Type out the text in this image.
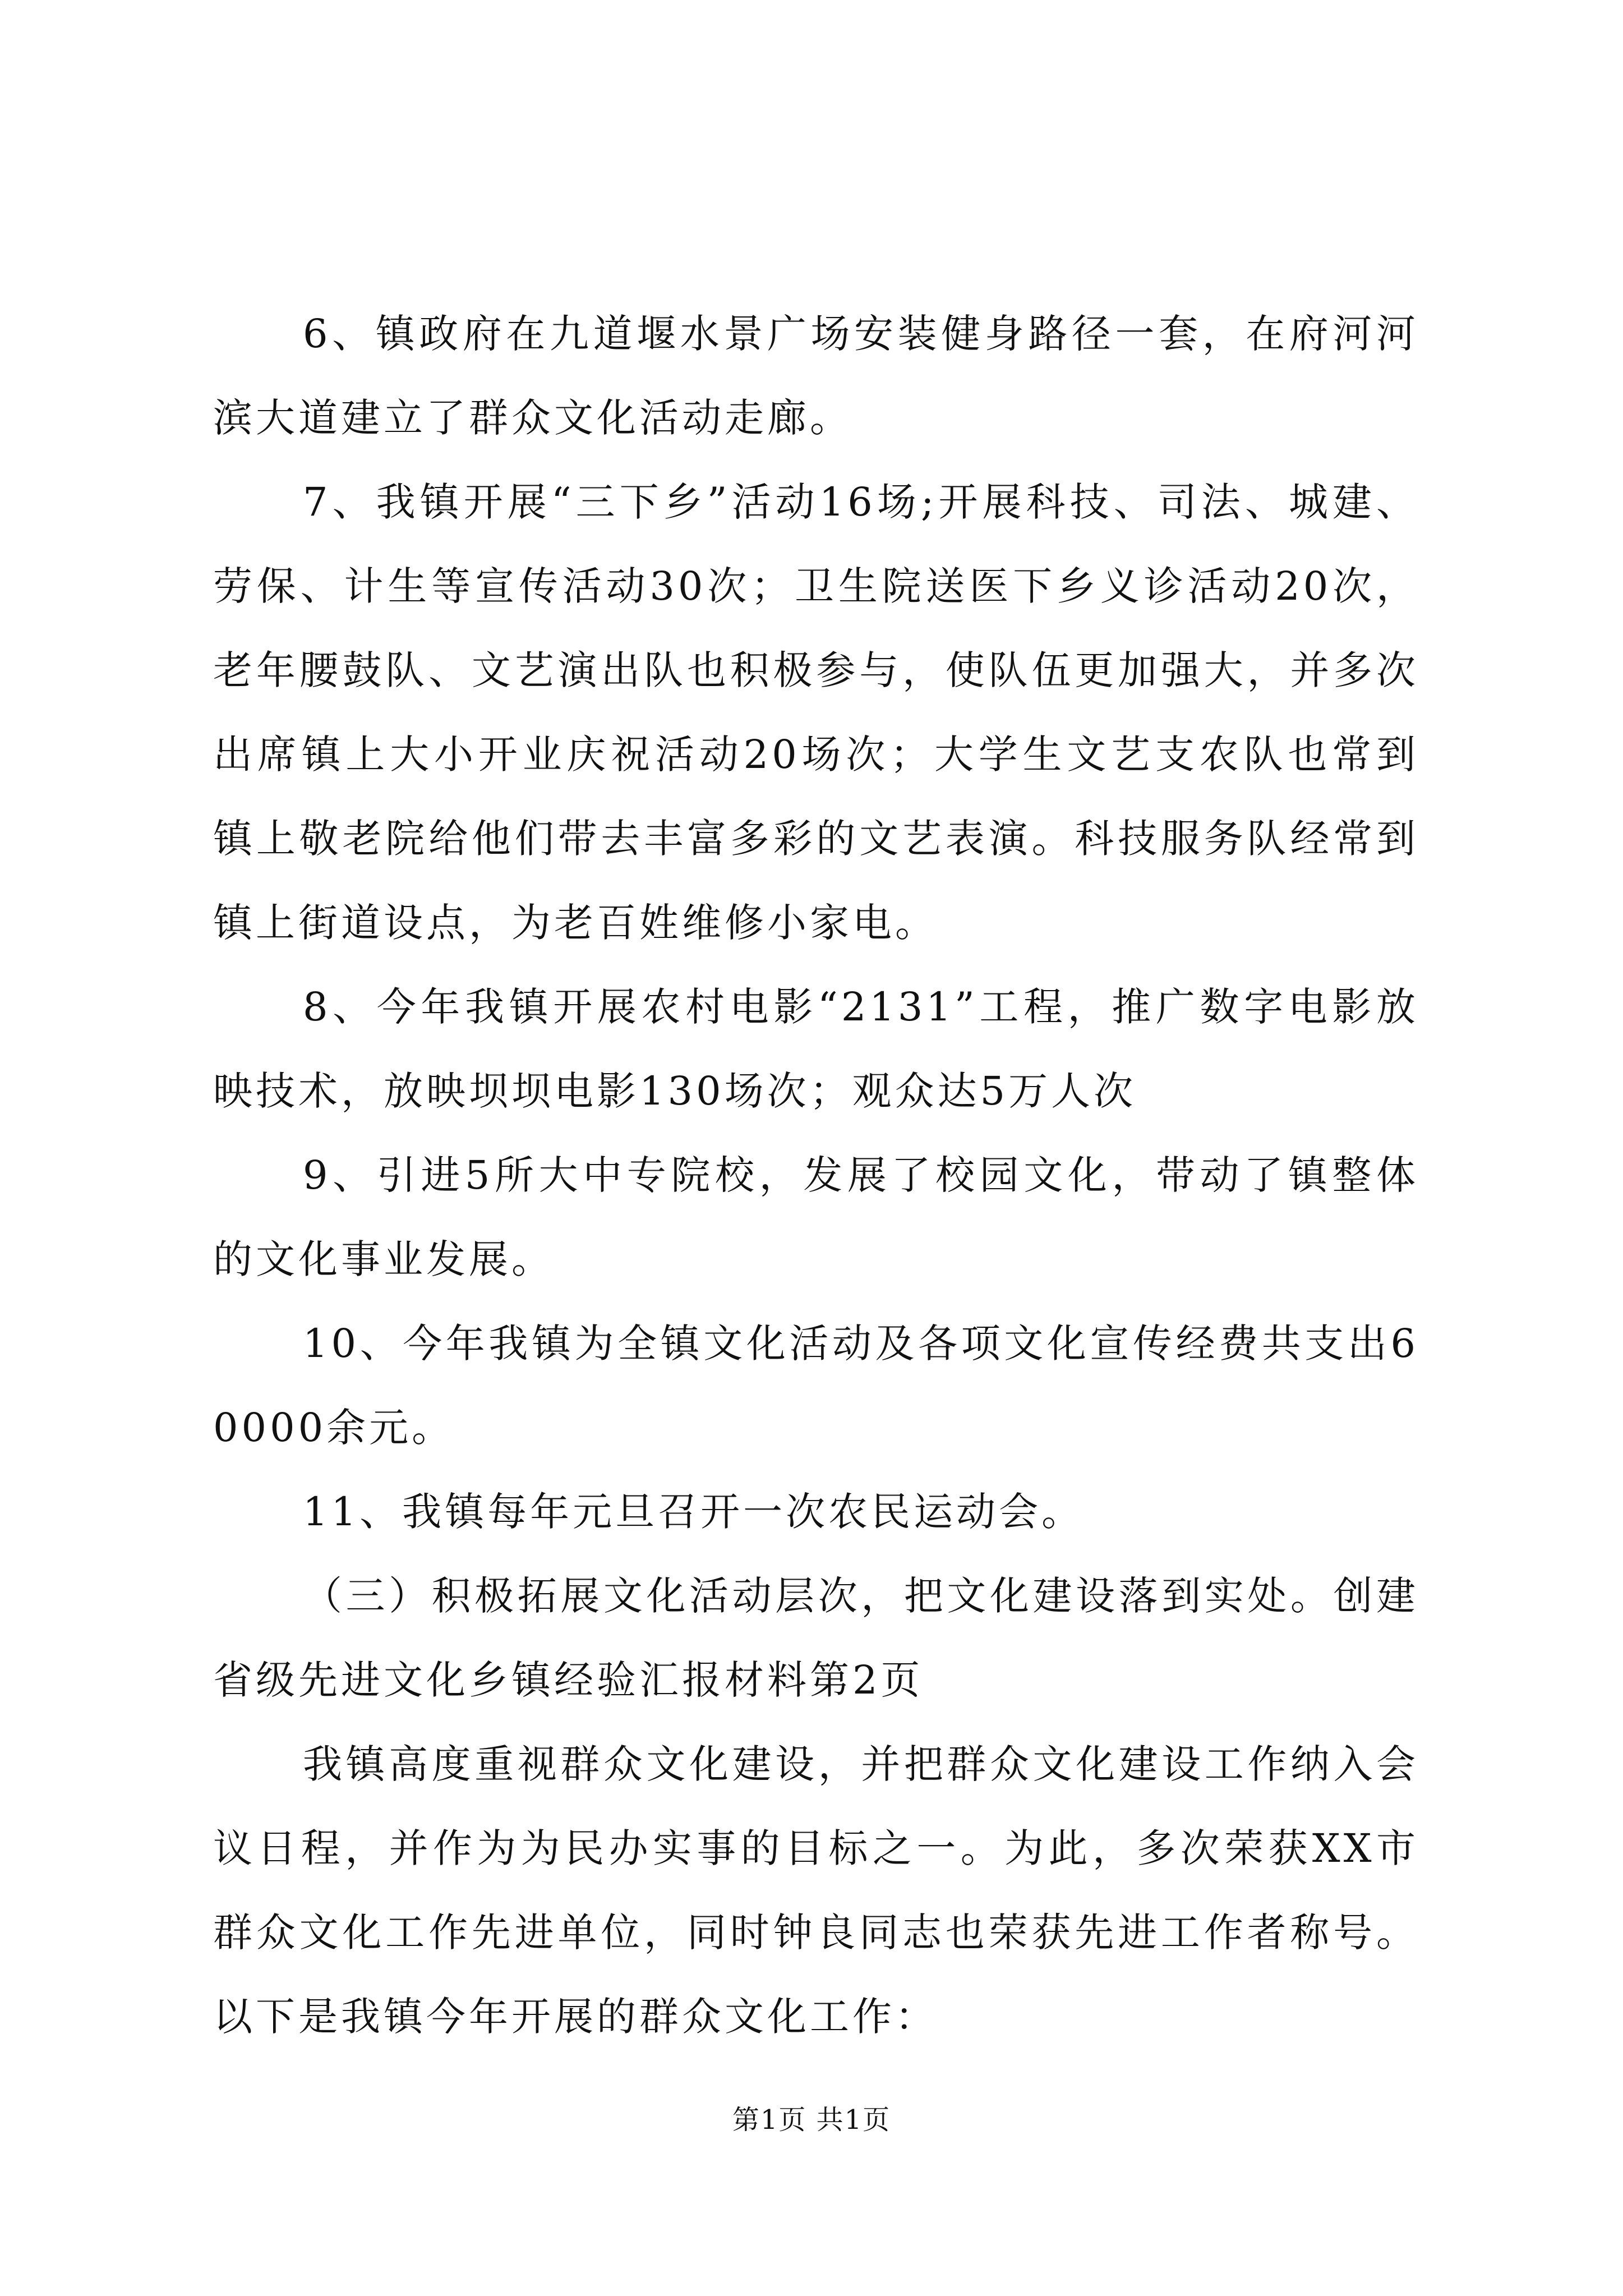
6、镇政府在九道堰水景广场安装健身路径一套，在府河河滨大道建立了群众文化活动走廊。

7、我镇开展“三下乡”活动16场;开展科技、司法、城建、劳保、计生等宣传活动30次；卫生院送医下乡义诊活动20次，老年腰鼓队、文艺演出队也积极参与，使队伍更加强大，并多次出席镇上大小开业庆祝活动20场次；大学生文艺支农队也常到镇上敬老院给他们带去丰富多彩的文艺表演。科技服务队经常到镇上街道设点，为老百姓维修小家电。

8、今年我镇开展农村电影“2131”工程，推广数字电影放映技术，放映坝坝电影130场次；观众达5万人次

9、引进5所大中专院校，发展了校园文化，带动了镇整体的文化事业发展。

10、今年我镇为全镇文化活动及各项文化宣传经费共支出60000余元。

11、我镇每年元旦召开一次农民运动会。

（三）积极拓展文化活动层次，把文化建设落到实处。创建省级先进文化乡镇经验汇报材料第2页

我镇高度重视群众文化建设，并把群众文化建设工作纳入会议日程，并作为为民办实事的目标之一。为此，多次荣获XX市群众文化工作先进单位，同时钟良同志也荣获先进工作者称号。以下是我镇今年开展的群众文化工作：

第1页 共1页
